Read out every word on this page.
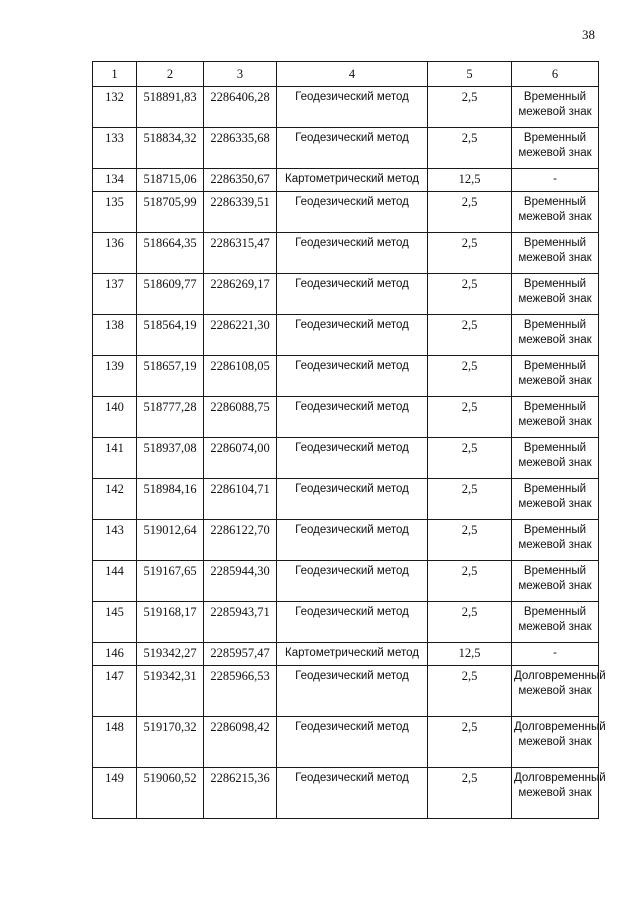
38
1	2	3	4	5	6
132	518891,83	2286406,28	Геодезический метод	2,5	Временный межевой знак
133	518834,32	2286335,68	Геодезический метод	2,5	Временный межевой знак
134	518715,06	2286350,67	Картометрический метод	12,5	-
135	518705,99	2286339,51	Геодезический метод	2,5	Временный межевой знак
136	518664,35	2286315,47	Геодезический метод	2,5	Временный межевой знак
137	518609,77	2286269,17	Геодезический метод	2,5	Временный межевой знак
138	518564,19	2286221,30	Геодезический метод	2,5	Временный межевой знак
139	518657,19	2286108,05	Геодезический метод	2,5	Временный межевой знак
140	518777,28	2286088,75	Геодезический метод	2,5	Временный межевой знак
141	518937,08	2286074,00	Геодезический метод	2,5	Временный межевой знак
142	518984,16	2286104,71	Геодезический метод	2,5	Временный межевой знак
143	519012,64	2286122,70	Геодезический метод	2,5	Временный межевой знак
144	519167,65	2285944,30	Геодезический метод	2,5	Временный межевой знак
145	519168,17	2285943,71	Геодезический метод	2,5	Временный межевой знак
146	519342,27	2285957,47	Картометрический метод	12,5	-
147	519342,31	2285966,53	Геодезический метод	2,5	Долговременный межевой знак
148	519170,32	2286098,42	Геодезический метод	2,5	Долговременный межевой знак
149	519060,52	2286215,36	Геодезический метод	2,5	Долговременный межевой знак
